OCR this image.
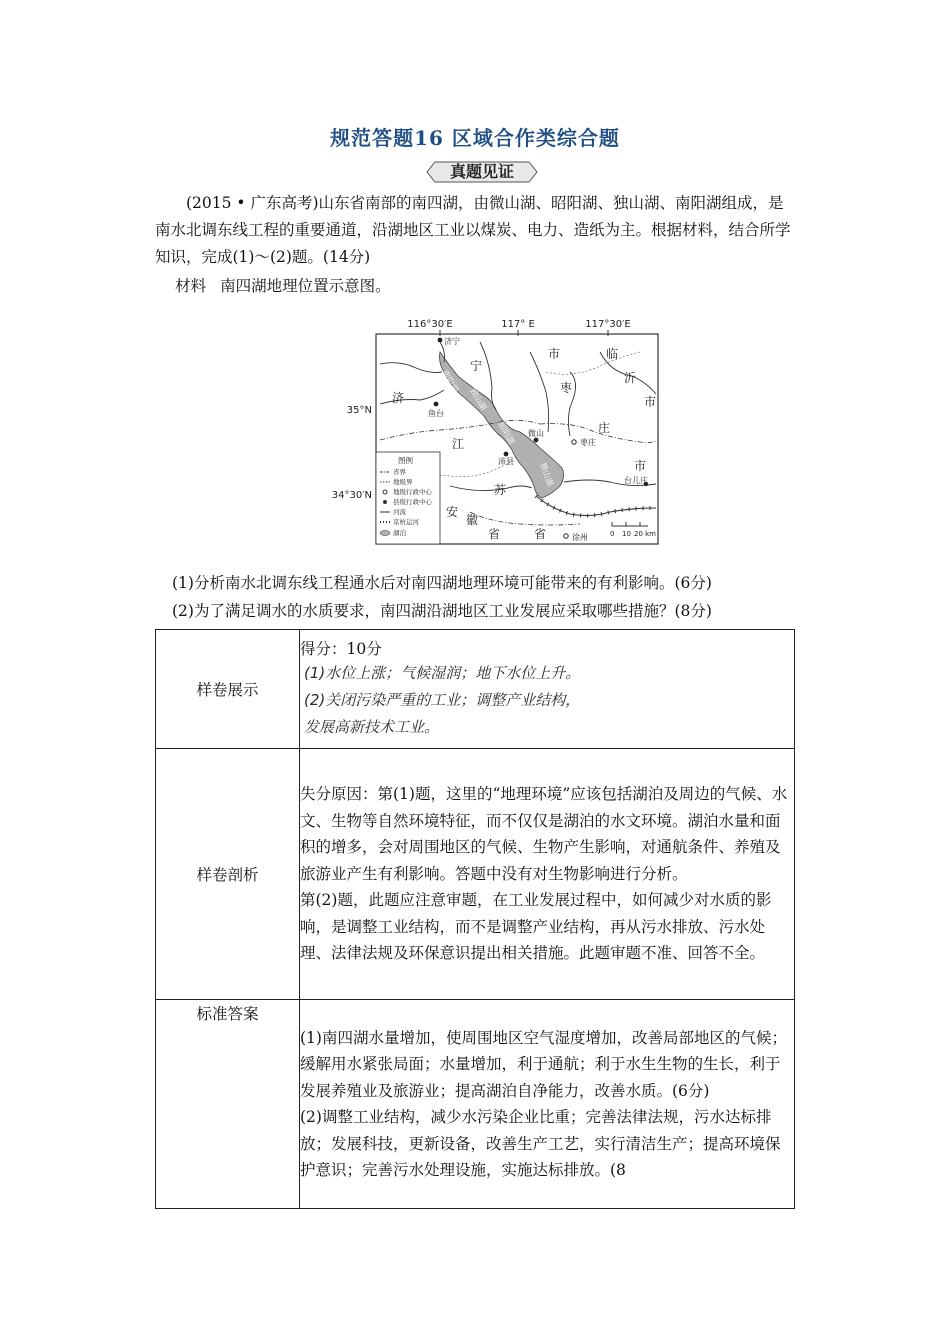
规范答题16 区域合作类综合题
真题见证
(2015 • 广东高考)山东省南部的南四湖，由微山湖、昭阳湖、独山湖、南阳湖组成，是南水北调东线工程的重要通道，沿湖地区工业以煤炭、电力、造纸为主。根据材料，结合所学知识，完成(1)～(2)题。(14分)
材料 南四湖地理位置示意图。
116°30′E	117° E	117°30′E
35°N
34°30′N
南阳湖
独山湖
昭阳湖
微山湖
宁
市	临
枣
沂
济	市
庄
江
苏
市
安
徽
省	省
济宁
鱼台
沛县
微山
枣庄
台儿庄
徐州
图例
省界
地级界
地级行政中心
县级行政中心
河流
京杭运河
湖泊	0 10 20 km
(1)分析南水北调东线工程通水后对南四湖地理环境可能带来的有利影响。(6分)
(2)为了满足调水的水质要求，南四湖沿湖地区工业发展应采取哪些措施？(8分)
样卷展示	得分：10分
(1)水位上涨；气候湿润；地下水位上升。
(2)关闭污染严重的工业；调整产业结构，
发展高新技术工业。

样卷剖析	失分原因：第(1)题，这里的“地理环境”应该包括湖泊及周边的气候、水文、生物等自然环境特征，而不仅仅是湖泊的水文环境。湖泊水量和面积的增多，会对周围地区的气候、生物产生影响，对通航条件、养殖及旅游业产生有利影响。答题中没有对生物影响进行分析。
第(2)题，此题应注意审题，在工业发展过程中，如何减少对水质的影响，是调整工业结构，而不是调整产业结构，再从污水排放、污水处理、法律法规及环保意识提出相关措施。此题审题不准、回答不全。

标准答案	(1)南四湖水量增加，使周围地区空气湿度增加，改善局部地区的气候；缓解用水紧张局面；水量增加，利于通航；利于水生生物的生长，利于发展养殖业及旅游业；提高湖泊自净能力，改善水质。(6分)
(2)调整工业结构，减少水污染企业比重；完善法律法规，污水达标排放；发展科技，更新设备，改善生产工艺，实行清洁生产；提高环境保护意识；完善污水处理设施，实施达标排放。(8
